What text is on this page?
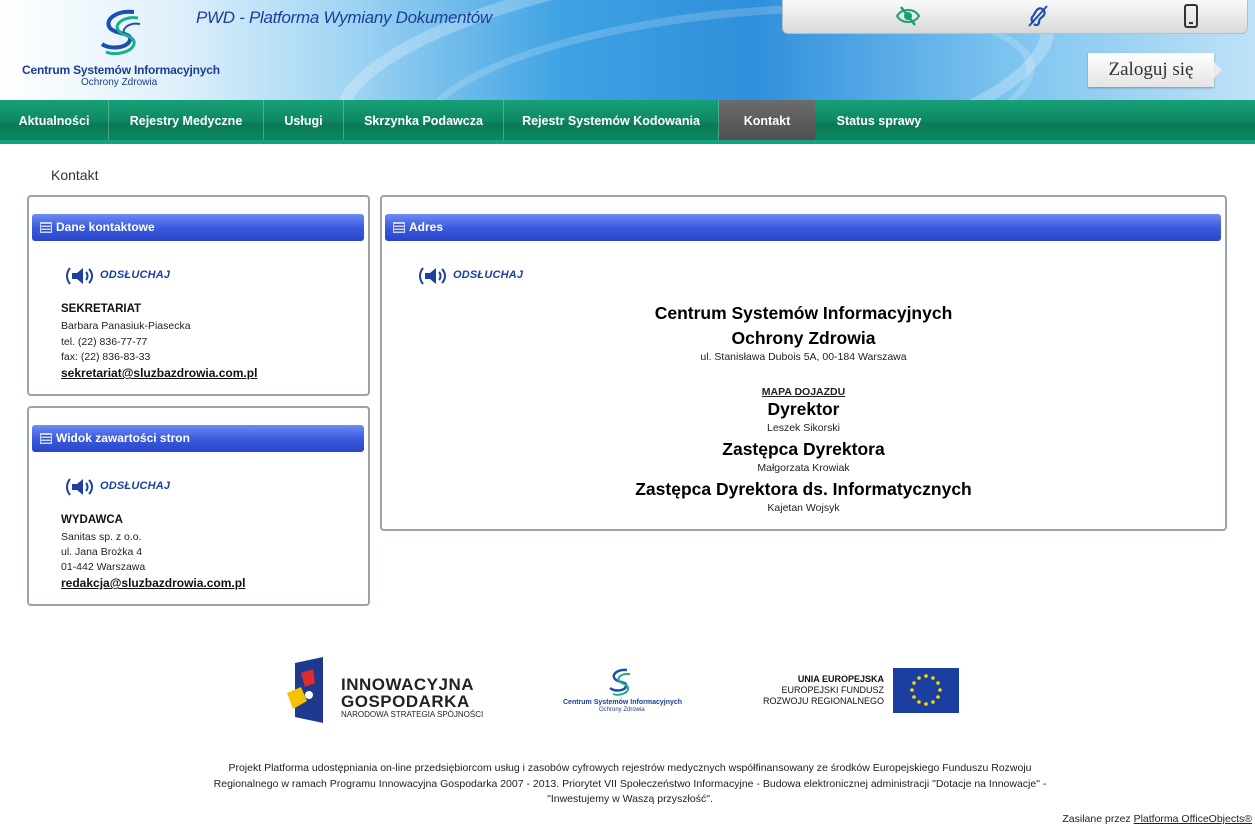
Centrum Systemów Informacyjnych
Ochrony Zdrowia
PWD - Platforma Wymiany Dokumentów
Zaloguj się
Aktualności	Rejestry Medyczne	Usługi	Skrzynka Podawcza	Rejestr Systemów Kodowania	Kontakt	Status sprawy
Kontakt
Dane kontaktowe
ODSŁUCHAJ
SEKRETARIAT
Barbara Panasiuk-Piasecka
tel. (22) 836-77-77
fax: (22) 836-83-33
sekretariat@sluzbazdrowia.com.pl
Widok zawartości stron
ODSŁUCHAJ
WYDAWCA
Sanitas sp. z o.o.
ul. Jana Brożka 4
01-442 Warszawa
redakcja@sluzbazdrowia.com.pl
Adres
ODSŁUCHAJ
Centrum Systemów Informacyjnych
Ochrony Zdrowia
ul. Stanisława Dubois 5A, 00-184 Warszawa
MAPA DOJAZDU
Dyrektor
Leszek Sikorski
Zastępca Dyrektora
Małgorzata Krowiak
Zastępca Dyrektora ds. Informatycznych
Kajetan Wojsyk
INNOWACYJNA
GOSPODARKA
NARODOWA STRATEGIA SPÓJNOŚCI
Centrum Systemów Informacyjnych
Ochrony Zdrowia
UNIA EUROPEJSKA
EUROPEJSKI FUNDUSZ
ROZWOJU REGIONALNEGO
Projekt Platforma udostępniania on-line przedsiębiorcom usług i zasobów cyfrowych rejestrów medycznych współfinansowany ze środków Europejskiego Funduszu Rozwoju
Regionalnego w ramach Programu Innowacyjna Gospodarka 2007 - 2013. Priorytet VII Społeczeństwo Informacyjne - Budowa elektronicznej administracji "Dotacje na Innowacje" -
"Inwestujemy w Waszą przyszłość".
Zasilane przez Platforma OfficeObjects®
